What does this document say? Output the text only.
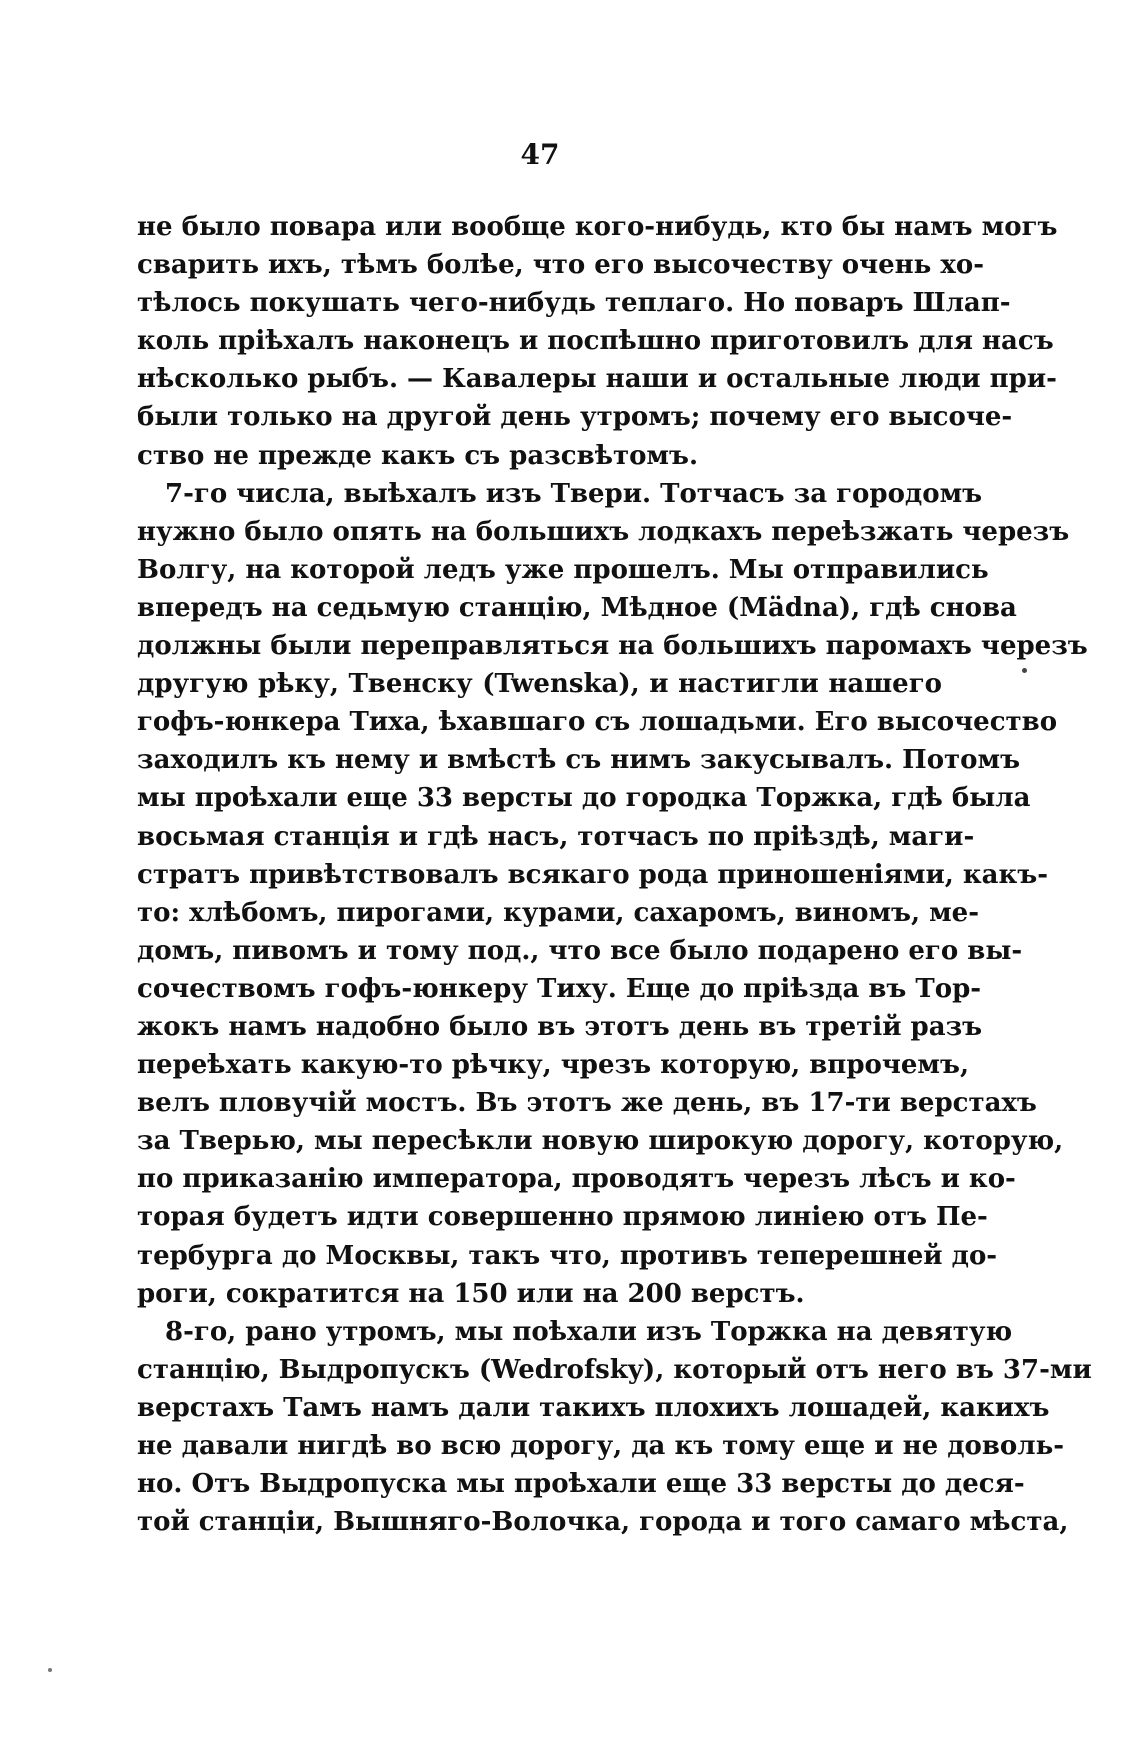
47
не было повара или вообще кого-нибудь, кто бы намъ могъ
сварить ихъ, тѣмъ болѣе, что его высочеству очень хо-
тѣлось покушать чего-нибудь теплаго. Но поваръ Шлап-
коль прiѣхалъ наконецъ и поспѣшно приготовилъ для насъ
нѣсколько рыбъ. — Кавалеры наши и остальные люди при-
были только на другой день утромъ; почему его высоче-
ство не прежде какъ съ разсвѣтомъ.
7-го числа, выѣхалъ изъ Твери. Тотчасъ за городомъ
нужно было опять на большихъ лодкахъ переѣзжать черезъ
Волгу, на которой ледъ уже прошелъ. Мы отправились
впередъ на седьмую станцiю, Мѣдное (Mädna), гдѣ снова
должны были переправляться на большихъ паромахъ черезъ
другую рѣку, Твенску (Twenska), и настигли нашего
гофъ-юнкера Тиха, ѣхавшаго съ лошадьми. Его высочество
заходилъ къ нему и вмѣстѣ съ нимъ закусывалъ. Потомъ
мы проѣхали еще 33 версты до городка Торжка, гдѣ была
восьмая станцiя и гдѣ насъ, тотчасъ по прiѣздѣ, маги-
стратъ привѣтствовалъ всякаго рода приношенiями, какъ-
то: хлѣбомъ, пирогами, курами, сахаромъ, виномъ, ме-
домъ, пивомъ и тому под., что все было подарено его вы-
сочествомъ гофъ-юнкеру Тиху. Еще до прiѣзда въ Тор-
жокъ намъ надобно было въ этотъ день въ третiй разъ
переѣхать какую-то рѣчку, чрезъ которую, впрочемъ,
велъ пловучiй мостъ. Въ этотъ же день, въ 17-ти верстахъ
за Тверью, мы пересѣкли новую широкую дорогу, которую,
по приказанiю императора, проводятъ черезъ лѣсъ и ко-
торая будетъ идти совершенно прямою линiею отъ Пе-
тербурга до Москвы, такъ что, противъ теперешней до-
роги, сократится на 150 или на 200 верстъ.
8-го, рано утромъ, мы поѣхали изъ Торжка на девятую
станцiю, Выдропускъ (Wedrofsky), который отъ него въ 37-ми
верстахъ Тамъ намъ дали такихъ плохихъ лошадей, какихъ
не давали нигдѣ во всю дорогу, да къ тому еще и не доволь-
но. Отъ Выдропуска мы проѣхали еще 33 версты до деся-
той станцiи, Вышняго-Волочка, города и того самаго мѣста,
